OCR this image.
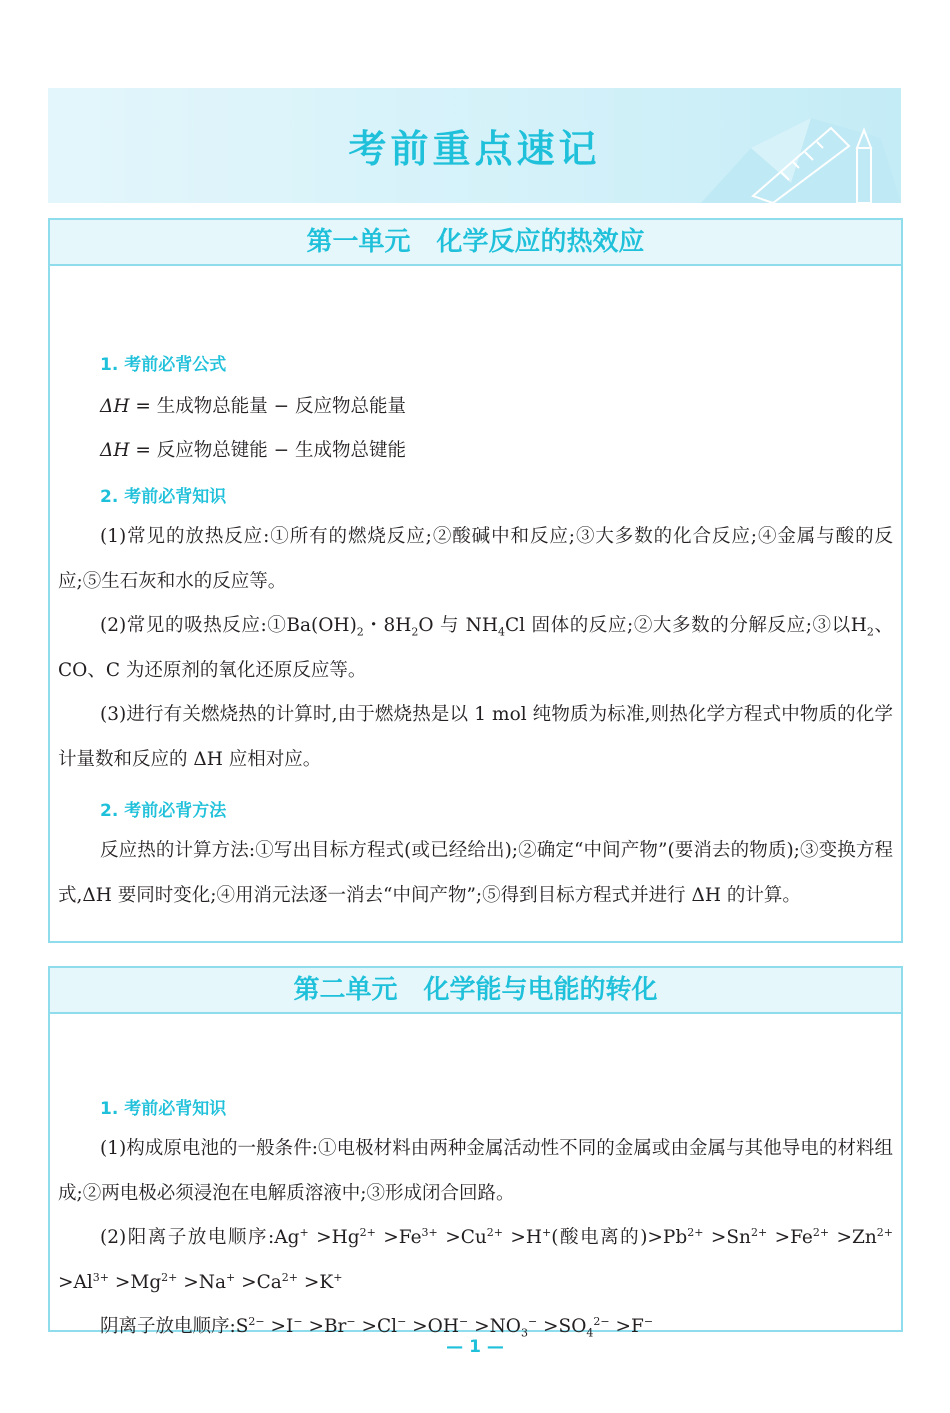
考前重点速记
第一单元　化学反应的热效应
1. 考前必背公式
ΔH = 生成物总能量 − 反应物总能量
ΔH = 反应物总键能 − 生成物总键能
2. 考前必背知识
(1)常见的放热反应:①所有的燃烧反应;②酸碱中和反应;③大多数的化合反应;④金属与酸的反应;⑤生石灰和水的反应等。
(2)常见的吸热反应$:①Ba(OH)_2$・$8H_2O$ 与 $NH_4Cl$ 固体的反应;②大多数的分解反应;③以$H_2$、CO、C 为还原剂的氧化还原反应等。
(3)进行有关燃烧热的计算时,由于燃烧热是以 1 mol 纯物质为标准,则热化学方程式中物质的化学计量数和反应的 ΔH 应相对应。
2. 考前必背方法
反应热的计算方法:①写出目标方程式(或已经给出);②确定“中间产物”(要消去的物质);③变换方程式,ΔH 要同时变化;④用消元法逐一消去“中间产物”;⑤得到目标方程式并进行 ΔH 的计算。
第二单元　化学能与电能的转化
1. 考前必背知识
(1)构成原电池的一般条件:①电极材料由两种金属活动性不同的金属或由金属与其他导电的材料组成;②两电极必须浸泡在电解质溶液中;③形成闭合回路。
(2)阳离子放电顺序:Ag+ $>Hg^{2+} >Fe^{3+} >Cu^{2+} >H^+$(酸电离的)$>Pb^{2+} >Sn^{2+} >Fe^{2+} >Zn^{2+} >Al^{3+} >Mg^{2+} >Na^+ >Ca^{2+} >K^+$
阴离子放电顺序$:S^{2-} >I^- >Br^- >Cl^- >OH^- >NO_3^- >SO_4^{2-} >F^-$
— 1 —
